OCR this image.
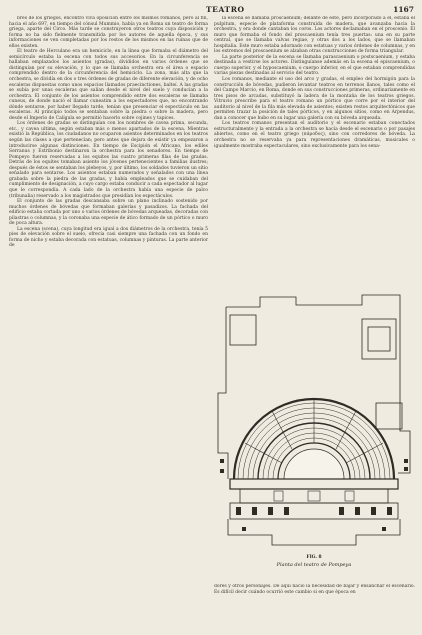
TEATRO	1167

bres de los griegos, encontró viva oposición entre los mismos romanos, pero al fin, hacia el año 697, en tiempo del cónsul Mummio, había ya en Roma un teatro de forma griega, aparte del Circo. Más tarde se construyeron otros teatros cuya disposición y forma no ha sido fielmente transmitida por los autores de aquella época, y sus informaciones se ven completadas por los restos de los mismos en las ruinas que de ellos existen.

El teatro de Herculano era un hemiciclo, en la línea que formaba el diámetro del semicírculo estaba la escena con todos sus accesorios. En la circunferencia se hallaban emplazados los asientos (gradas), divididos en varios órdenes que se distinguían por su elevación, y lo que se llamaba orchestra era el área o espacio comprendido dentro de la circunferencia del hemiciclo. La zona, más alta que la orchestra, se dividía en dos o tres órdenes de gradas de diferente elevación, y de ocho escaleras dispuestas como unos espacios llamados praecinctiones, balteí. A las gradas se subía por unas escaleras que salían desde el nivel del suelo y conducían a la orchestra. El conjunto de los asientos comprendido entre dos escaleras se llamaba cuneus, de donde nació el llamar cuneatim a los espectadores que, no encontrando dónde sentarse, por haber llegado tarde, tenían que presenciar el espectáculo en las escaleras. Al principio todos se sentaban sobre la piedra o sobre la madera, pero desde el Imperio de Calígula se permitió hacerlo sobre cojines y tapices.

Los órdenes de gradas se distinguían con los nombres de cavea prima, secunda, etc., y cavea ultima, según estaban más o menos apartados de la escena. Mientras existió la República, los ciudadanos no ocuparon asientos determinados en los teatros según las clases a que pertenecían; pero antes que dejara de existir ya empezaron a introducirse algunas distinciones. En tiempo de Escipión el Africano, los ediles Serranus y Estribonio destinaron la orchestra para los senadores. En tiempo de Pompeyo fueron reservadas a los equites las cuatro primeras filas de las gradas. Detrás de los equites tomaban asiento los jóvenes pertenecientes a familias ilustres; después de éstos se sentaban los plebeyos, y, por último, los soldados tuvieron un sitio señalado para sentarse. Los asientos estaban numerados y señalados con una línea grabada sobre la piedra de las gradas, y había empleados que se cuidaban del cumplimiento de designación, a cuyo cargo estaba conducir a cada espectador al lugar que le correspondía. A cada lado de la orchestra había una especie de palco (tribunalia) reservado a los magistrados que presidían los espectáculos.

El conjunto de las gradas descansaba sobre un plano inclinado sostenido por muchos órdenes de bóvedas que formaban galerías y pasadizos. La fachada del edificio estaba cortada por uno o varios órdenes de bóvedas arqueadas, decoradas con pilastras o columnas, y la coronaba una especie de ático formado de un pórtico o muro de poca altura.

La escena (scena), cuya longitud era igual a dos diámetros de la orchestra, tenía 5 pies de elevación sobre el suelo, ofrecía casi siempre una fachada con un fondo en forma de nicho y estaba decorada con estatuas, columnas y pinturas. La parte anterior de

la escena se llamaba proscaenium; delante de éste, pero incorporado a él, estaba el pulpitum, especie de plataforma construida de madera, que avanzaba hacia la orchestra, y era donde cantaban los coros. Los actores declamaban en el proscenio. El muro que formaba el fondo del proscaenium tenía tres puertas: una en su parte central, que se llamaba valvas regiae, y otras dos a los lados, que se llamaban hospitalia. Este muro estaba adornado con estatuas y varios órdenes de columnas, y en los extremos del proscaenium se alzaban otras construcciones de forma triangular.

La parte posterior de la escena se llamaba parascaenium o postscaenium, y estaba destinada a vestirse los actores. Distinguíanse además en la escena el episcaenium, o cuerpo superior, y el hyposcaenium, o cuerpo inferior, en el que estaban comprendidas varias piezas destinadas al servicio del teatro.

Los romanos, mediante el uso del arco y gradas, el empleo del hormigón para la construcción de bóvedas, pudieron levantar teatros en terrenos llanos, tales como el del Campo Marcio, en Roma, donde en sus construcciones primeras, ordinariamente en tres pisos de arcadas, substituyó la ladera de la montaña de los teatros griegos. Vitruvio prescribe para el teatro romano un pórtico que corre por el interior del auditorio al nivel de la fila más elevada de asientos; existen restos arquitectónicos que permiten trazar la posición de tales pórticos, y en algunos sitios, como en Arpendus, dan a conocer que hubo en su lugar una galería con su bóveda arqueada.

Los teatros romanos presentan el auditorio y el escenario estaban conectados estructuralmente y la entrada a la orchestra se hacía desde el escenario o por pasajes abiertos, como en el teatro griego (πάροδος), sino con corredores de bóveda. La orchestra no se reservaba ya para representaciones dramáticas, musicales o igualmente mostraba espectaculares, sino exclusivamente para los sena-

FIG. 8
Planta del teatro de Pompeya

dores y otros personajes. De aquí nació la necesidad de bajar y ensanchar el escenario. Es difícil decir cuándo ocurrió este cambio si en que época en
